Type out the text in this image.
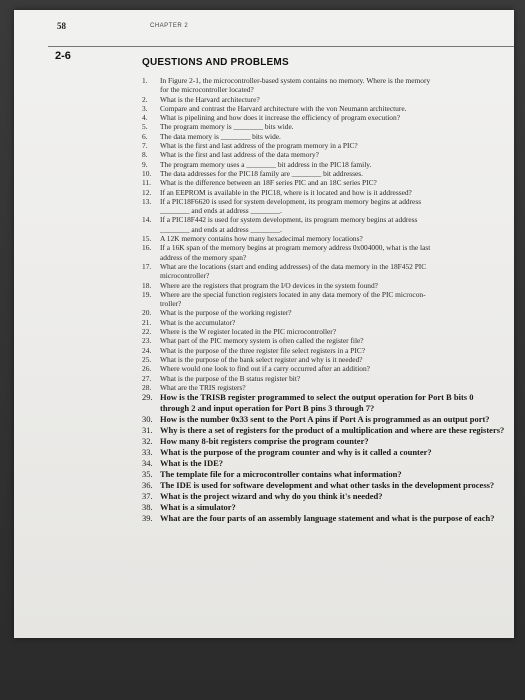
58	CHAPTER 2
2-6
QUESTIONS AND PROBLEMS
1. In Figure 2-1, the microcontroller-based system contains no memory. Where is the memory
for the microcontroller located?
2. What is the Harvard architecture?
3. Compare and contrast the Harvard architecture with the von Neumann architecture.
4. What is pipelining and how does it increase the efficiency of program execution?
5. The program memory is ________ bits wide.
6. The data memory is ________ bits wide.
7. What is the first and last address of the program memory in a PIC?
8. What is the first and last address of the data memory?
9. The program memory uses a ________ bit address in the PIC18 family.
10. The data addresses for the PIC18 family are ________ bit addresses.
11. What is the difference between an 18F series PIC and an 18C series PIC?
12. If an EEPROM is available in the PIC18, where is it located and how is it addressed?
13. If a PIC18F6620 is used for system development, its program memory begins at address
________ and ends at address ________.
14. If a PIC18F442 is used for system development, its program memory begins at address
________ and ends at address ________.
15. A 12K memory contains how many hexadecimal memory locations?
16. If a 16K span of the memory begins at program memory address 0x004000, what is the last
address of the memory span?
17. What are the locations (start and ending addresses) of the data memory in the 18F452 PIC
microcontroller?
18. Where are the registers that program the I/O devices in the system found?
19. Where are the special function registers located in any data memory of the PIC microcon-
troller?
20. What is the purpose of the working register?
21. What is the accumulator?
22. Where is the W register located in the PIC microcontroller?
23. What part of the PIC memory system is often called the register file?
24. What is the purpose of the three register file select registers in a PIC?
25. What is the purpose of the bank select register and why is it needed?
26. Where would one look to find out if a carry occurred after an addition?
27. What is the purpose of the B status register bit?
28. What are the TRIS registers?
29. How is the TRISB register programmed to select the output operation for Port B bits 0
through 2 and input operation for Port B pins 3 through 7?
30. How is the number 0x33 sent to the Port A pins if Port A is programmed as an output port?
31. Why is there a set of registers for the product of a multiplication and where are these registers?
32. How many 8-bit registers comprise the program counter?
33. What is the purpose of the program counter and why is it called a counter?
34. What is the IDE?
35. The template file for a microcontroller contains what information?
36. The IDE is used for software development and what other tasks in the development process?
37. What is the project wizard and why do you think it's needed?
38. What is a simulator?
39. What are the four parts of an assembly language statement and what is the purpose of each?
